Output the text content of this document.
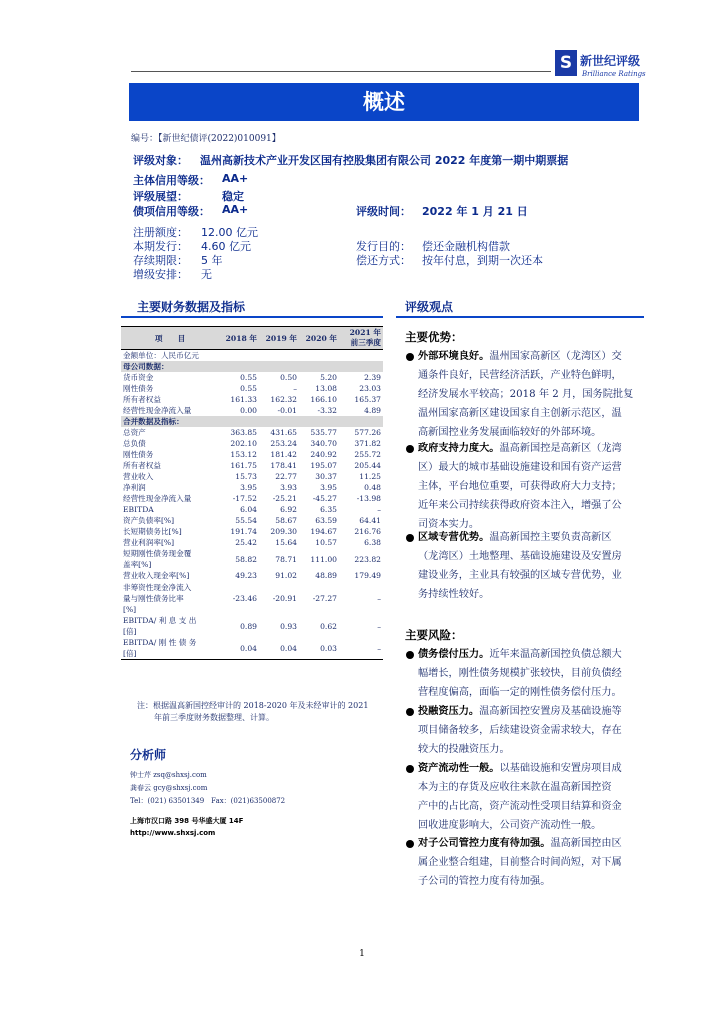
S 新世纪评级
Brilliance Ratings
概述
编号：【新世纪债评(2022)010091】
评级对象： 温州高新技术产业开发区国有控股集团有限公司 2022 年度第一期中期票据
主体信用等级： AA+
评级展望：	稳定
债项信用等级： AA+	评级时间： 2022 年 1 月 21 日
注册额度： 12.00 亿元
本期发行： 4.60 亿元	发行目的： 偿还金融机构借款
存续期限： 5 年	偿还方式： 按年付息，到期一次还本
增级安排： 无
主要财务数据及指标	评级观点
项　　目	2018 年	2019 年	2020 年	2021 年
前三季度
金额单位：人民币亿元				
母公司数据：				
货币资金	0.55	0.50	5.20	2.39
刚性债务	0.55	–	13.08	23.03
所有者权益	161.33	162.32	166.10	165.37
经营性现金净流入量	0.00	-0.01	-3.32	4.89
合并数据及指标：				
总资产	363.85	431.65	535.77	577.26
总负债	202.10	253.24	340.70	371.82
刚性债务	153.12	181.42	240.92	255.72
所有者权益	161.75	178.41	195.07	205.44
营业收入	15.73	22.77	30.37	11.25
净利润	3.95	3.93	3.95	0.48
经营性现金净流入量	-17.52	-25.21	-45.27	-13.98
EBITDA	6.04	6.92	6.35	–
资产负债率[%]	55.54	58.67	63.59	64.41
长短期债务比[%]	191.74	209.30	194.67	216.76
营业利润率[%]	25.42	15.64	10.57	6.38
短期刚性债务现金覆
盖率[%]	58.82	78.71	111.00	223.82
营业收入现金率[%]	49.23	91.02	48.89	179.49
非筹资性现金净流入
量与刚性债务比率
[%]	-23.46	-20.91	-27.27	–
EBITDA/ 利 息 支 出
[倍]	0.89	0.93	0.62	–
EBITDA/ 刚 性 债 务
[倍]	0.04	0.04	0.03	–
注：根据温高新国控经审计的 2018-2020 年及未经审计的 2021
年前三季度财务数据整理、计算。
分析师
钟士芹 zsq@shxsj.com
龚春云 gcy@shxsj.com
Tel：(021) 63501349　Fax：(021)63500872
上海市汉口路 398 号华盛大厦 14F
http://www.shxsj.com
主要优势：
外部环境良好。温州国家高新区（龙湾区）交
通条件良好，民营经济活跃，产业特色鲜明，
经济发展水平较高；2018 年 2 月，国务院批复
温州国家高新区建设国家自主创新示范区，温
高新国控业务发展面临较好的外部环境。
政府支持力度大。温高新国控是高新区（龙湾
区）最大的城市基础设施建设和国有资产运营
主体，平台地位重要，可获得政府大力支持；
近年来公司持续获得政府资本注入，增强了公
司资本实力。
区域专营优势。温高新国控主要负责高新区
（龙湾区）土地整理、基础设施建设及安置房
建设业务，主业具有较强的区域专营优势，业
务持续性较好。
主要风险：
债务偿付压力。近年来温高新国控负债总额大
幅增长，刚性债务规模扩张较快，目前负债经
营程度偏高，面临一定的刚性债务偿付压力。
投融资压力。温高新国控安置房及基础设施等
项目储备较多，后续建设资金需求较大，存在
较大的投融资压力。
资产流动性一般。以基础设施和安置房项目成
本为主的存货及应收往来款在温高新国控资
产中的占比高，资产流动性受项目结算和资金
回收进度影响大，公司资产流动性一般。
对子公司管控力度有待加强。温高新国控由区
属企业整合组建，目前整合时间尚短，对下属
子公司的管控力度有待加强。
1
